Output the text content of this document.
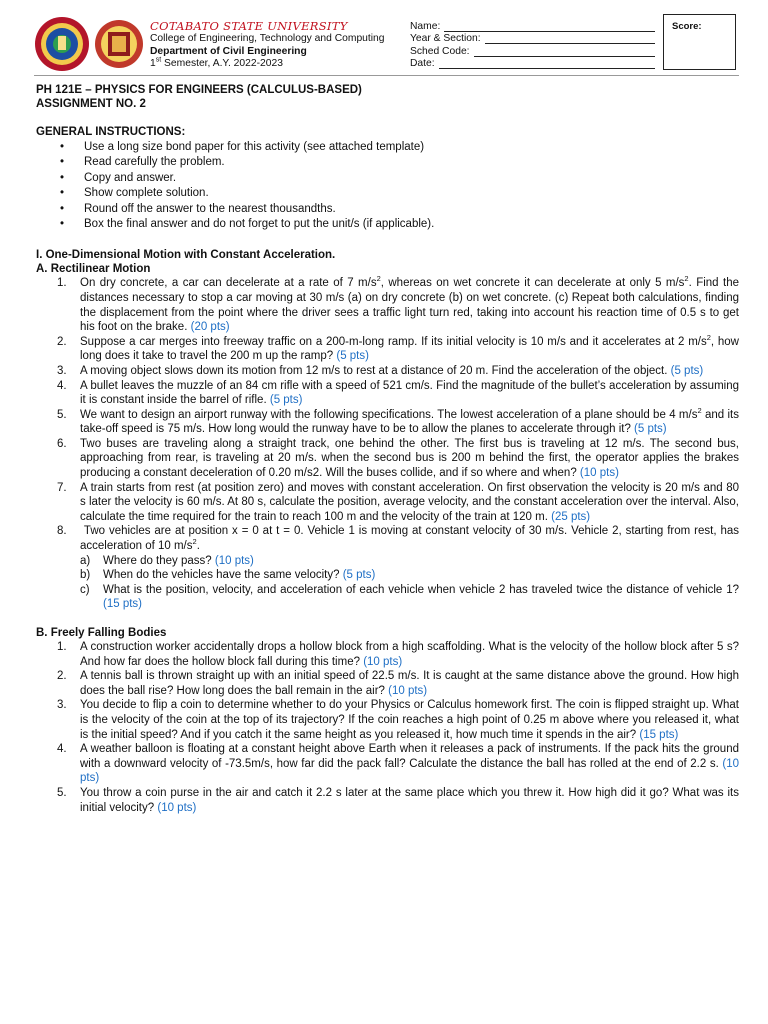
COTABATO STATE UNIVERSITY
College of Engineering, Technology and Computing
Department of Civil Engineering
1st Semester, A.Y. 2022-2023
Name:
Year & Section:
Sched Code:
Date:
Score:
PH 121E – PHYSICS FOR ENGINEERS (CALCULUS-BASED)
ASSIGNMENT NO. 2
GENERAL INSTRUCTIONS:
• Use a long size bond paper for this activity (see attached template)
• Read carefully the problem.
• Copy and answer.
• Show complete solution.
• Round off the answer to the nearest thousandths.
• Box the final answer and do not forget to put the unit/s (if applicable).
I. One-Dimensional Motion with Constant Acceleration.
A. Rectilinear Motion
1. On dry concrete, a car can decelerate at a rate of 7 $m/s^2$, whereas on wet concrete it can decelerate at only 5 $m/s^2$. Find the distances necessary to stop a car moving at 30 m/s (a) on dry concrete (b) on wet concrete. (c) Repeat both calculations, finding the displacement from the point where the driver sees a traffic light turn red, taking into account his reaction time of 0.5 s to get his foot on the brake. (20 pts)
2. Suppose a car merges into freeway traffic on a 200-m-long ramp. If its initial velocity is 10 m/s and it accelerates at 2 $m/s^2$, how long does it take to travel the 200 m up the ramp? (5 pts)
3. A moving object slows down its motion from 12 m/s to rest at a distance of 20 m. Find the acceleration of the object. (5 pts)
4. A bullet leaves the muzzle of an 84 cm rifle with a speed of 521 cm/s. Find the magnitude of the bullet’s acceleration by assuming it is constant inside the barrel of rifle. (5 pts)
5. We want to design an airport runway with the following specifications. The lowest acceleration of a plane should be 4 $m/s^2$ and its take-off speed is 75 m/s. How long would the runway have to be to allow the planes to accelerate through it? (5 pts)
6. Two buses are traveling along a straight track, one behind the other. The first bus is traveling at 12 m/s. The second bus, approaching from rear, is traveling at 20 m/s. when the second bus is 200 m behind the first, the operator applies the brakes producing a constant deceleration of 0.20 m/s2. Will the buses collide, and if so where and when? (10 pts)
7. A train starts from rest (at position zero) and moves with constant acceleration. On first observation the velocity is 20 m/s and 80 s later the velocity is 60 m/s. At 80 s, calculate the position, average velocity, and the constant acceleration over the interval. Also, calculate the time required for the train to reach 100 m and the velocity of the train at 120 m. (25 pts)
8. Two vehicles are at position x = 0 at t = 0. Vehicle 1 is moving at constant velocity of 30 m/s. Vehicle 2, starting from rest, has acceleration of 10 $m/s^2$.
a) Where do they pass? (10 pts)
b) When do the vehicles have the same velocity? (5 pts)
c) What is the position, velocity, and acceleration of each vehicle when vehicle 2 has traveled twice the distance of vehicle 1? (15 pts)
B. Freely Falling Bodies
1. A construction worker accidentally drops a hollow block from a high scaffolding. What is the velocity of the hollow block after 5 s? And how far does the hollow block fall during this time? (10 pts)
2. A tennis ball is thrown straight up with an initial speed of 22.5 m/s. It is caught at the same distance above the ground. How high does the ball rise? How long does the ball remain in the air? (10 pts)
3. You decide to flip a coin to determine whether to do your Physics or Calculus homework first. The coin is flipped straight up. What is the velocity of the coin at the top of its trajectory? If the coin reaches a high point of 0.25 m above where you released it, what is the initial speed? And if you catch it the same height as you released it, how much time it spends in the air? (15 pts)
4. A weather balloon is floating at a constant height above Earth when it releases a pack of instruments. If the pack hits the ground with a downward velocity of -73.5m/s, how far did the pack fall? Calculate the distance the ball has rolled at the end of 2.2 s. (10 pts)
5. You throw a coin purse in the air and catch it 2.2 s later at the same place which you threw it. How high did it go? What was its initial velocity? (10 pts)
